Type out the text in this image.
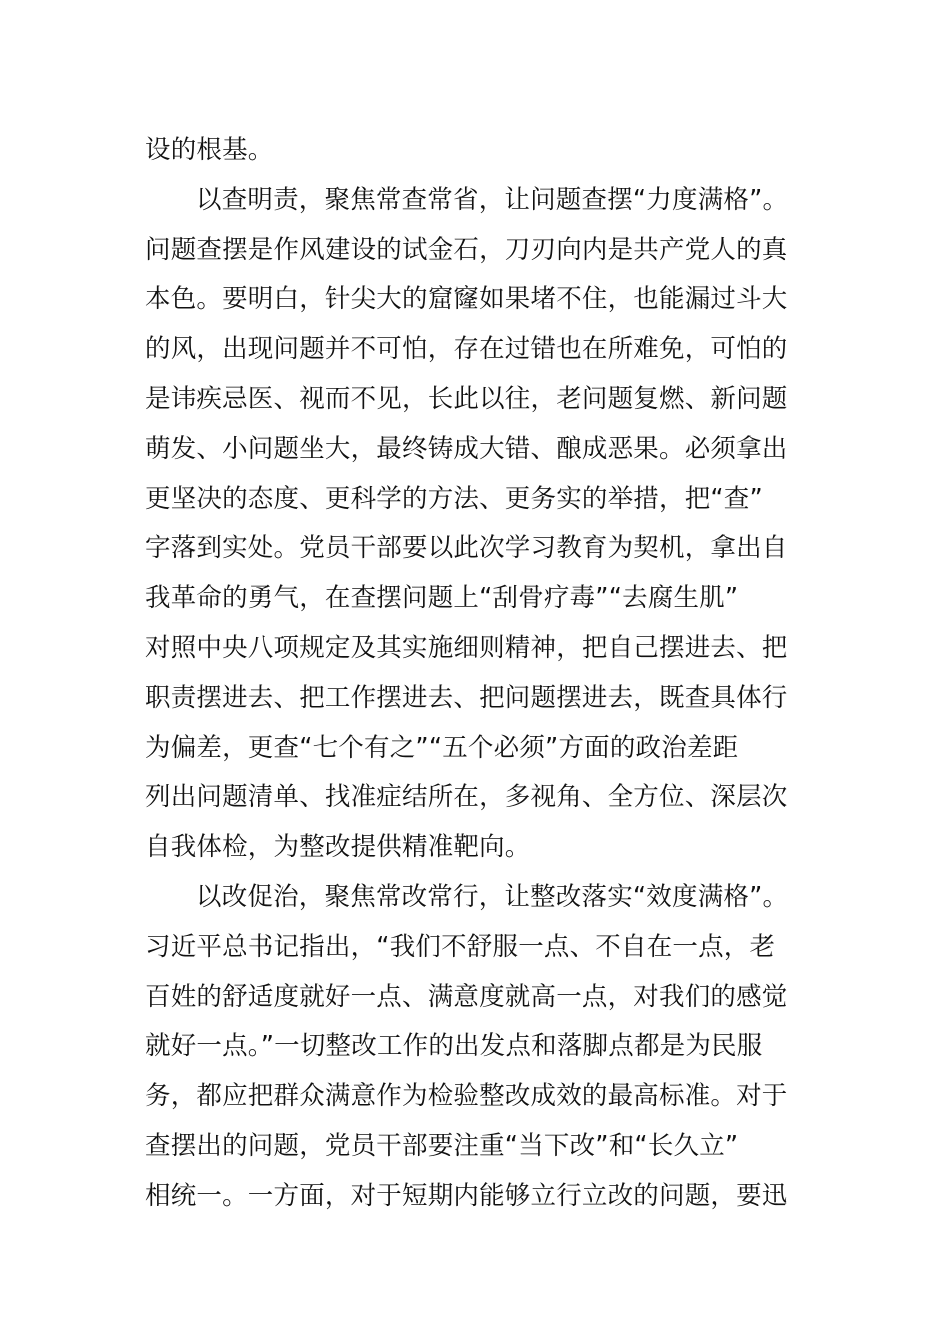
设的根基。
以查明责，聚焦常查常省，让问题查摆“力度满格”。
问题查摆是作风建设的试金石，刀刃向内是共产党人的真
本色。要明白，针尖大的窟窿如果堵不住，也能漏过斗大
的风，出现问题并不可怕，存在过错也在所难免，可怕的
是讳疾忌医、视而不见，长此以往，老问题复燃、新问题
萌发、小问题坐大，最终铸成大错、酿成恶果。必须拿出
更坚决的态度、更科学的方法、更务实的举措，把“查”
字落到实处。党员干部要以此次学习教育为契机，拿出自
我革命的勇气，在查摆问题上“刮骨疗毒”“去腐生肌”
对照中央八项规定及其实施细则精神，把自己摆进去、把
职责摆进去、把工作摆进去、把问题摆进去，既查具体行
为偏差，更查“七个有之”“五个必须”方面的政治差距
列出问题清单、找准症结所在，多视角、全方位、深层次
自我体检，为整改提供精准靶向。
以改促治，聚焦常改常行，让整改落实“效度满格”。
习近平总书记指出，“我们不舒服一点、不自在一点，老
百姓的舒适度就好一点、满意度就高一点，对我们的感觉
就好一点。”一切整改工作的出发点和落脚点都是为民服
务，都应把群众满意作为检验整改成效的最高标准。对于
查摆出的问题，党员干部要注重“当下改”和“长久立”
相统一。一方面，对于短期内能够立行立改的问题，要迅
